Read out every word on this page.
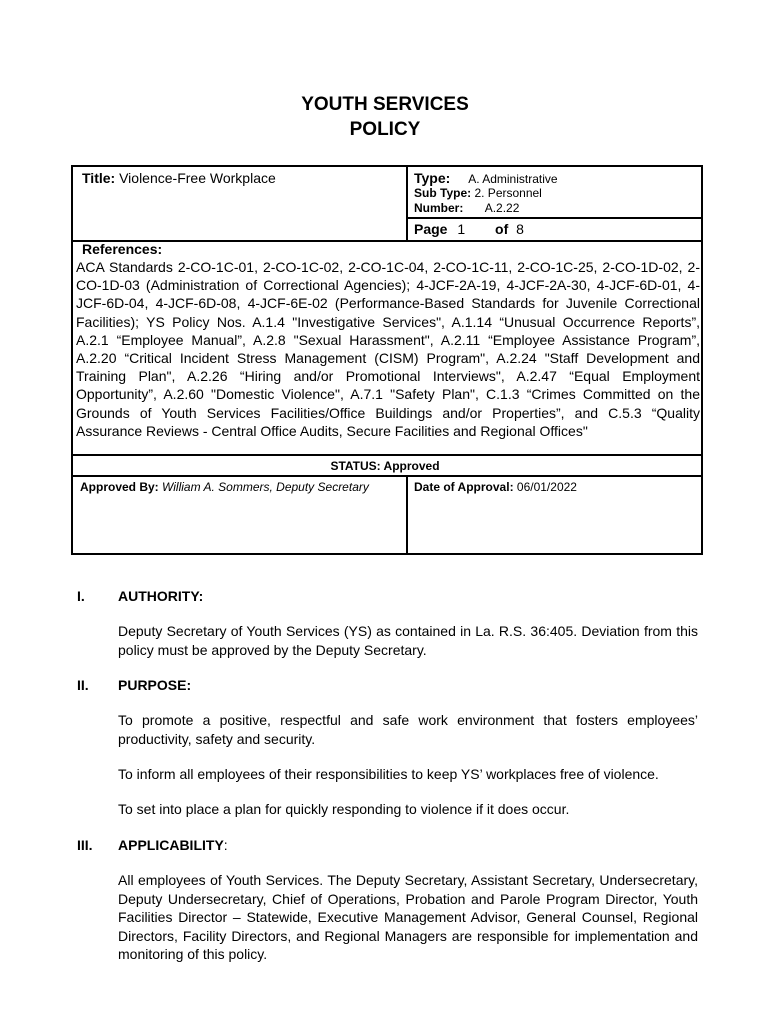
YOUTH SERVICES
POLICY
Title: Violence-Free Workplace	Type: A. Administrative
Sub Type: 2. Personnel
Number: A.2.22
Page 1 of 8
References:
ACA Standards 2-CO-1C-01, 2-CO-1C-02, 2-CO-1C-04, 2-CO-1C-11, 2-CO-1C-25, 2-CO-1D-02, 2-CO-1D-03 (Administration of Correctional Agencies); 4-JCF-2A-19, 4-JCF-2A-30, 4-JCF-6D-01, 4-JCF-6D-04, 4-JCF-6D-08, 4-JCF-6E-02 (Performance-Based Standards for Juvenile Correctional Facilities); YS Policy Nos. A.1.4 "Investigative Services", A.1.14 “Unusual Occurrence Reports”, A.2.1 “Employee Manual”, A.2.8 "Sexual Harassment", A.2.11 “Employee Assistance Program”, A.2.20 “Critical Incident Stress Management (CISM) Program", A.2.24 "Staff Development and Training Plan", A.2.26 “Hiring and/or Promotional Interviews", A.2.47 “Equal Employment Opportunity”, A.2.60 "Domestic Violence", A.7.1 "Safety Plan", C.1.3 “Crimes Committed on the Grounds of Youth Services Facilities/Office Buildings and/or Properties”, and C.5.3 “Quality Assurance Reviews - Central Office Audits, Secure Facilities and Regional Offices"
STATUS: Approved
Approved By: William A. Sommers, Deputy Secretary	Date of Approval: 06/01/2022
I. AUTHORITY:
Deputy Secretary of Youth Services (YS) as contained in La. R.S. 36:405. Deviation from this policy must be approved by the Deputy Secretary.
II. PURPOSE:
To promote a positive, respectful and safe work environment that fosters employees’ productivity, safety and security.
To inform all employees of their responsibilities to keep YS’ workplaces free of violence.
To set into place a plan for quickly responding to violence if it does occur.
III. APPLICABILITY:
All employees of Youth Services. The Deputy Secretary, Assistant Secretary, Undersecretary, Deputy Undersecretary, Chief of Operations, Probation and Parole Program Director, Youth Facilities Director – Statewide, Executive Management Advisor, General Counsel, Regional Directors, Facility Directors, and Regional Managers are responsible for implementation and monitoring of this policy.
